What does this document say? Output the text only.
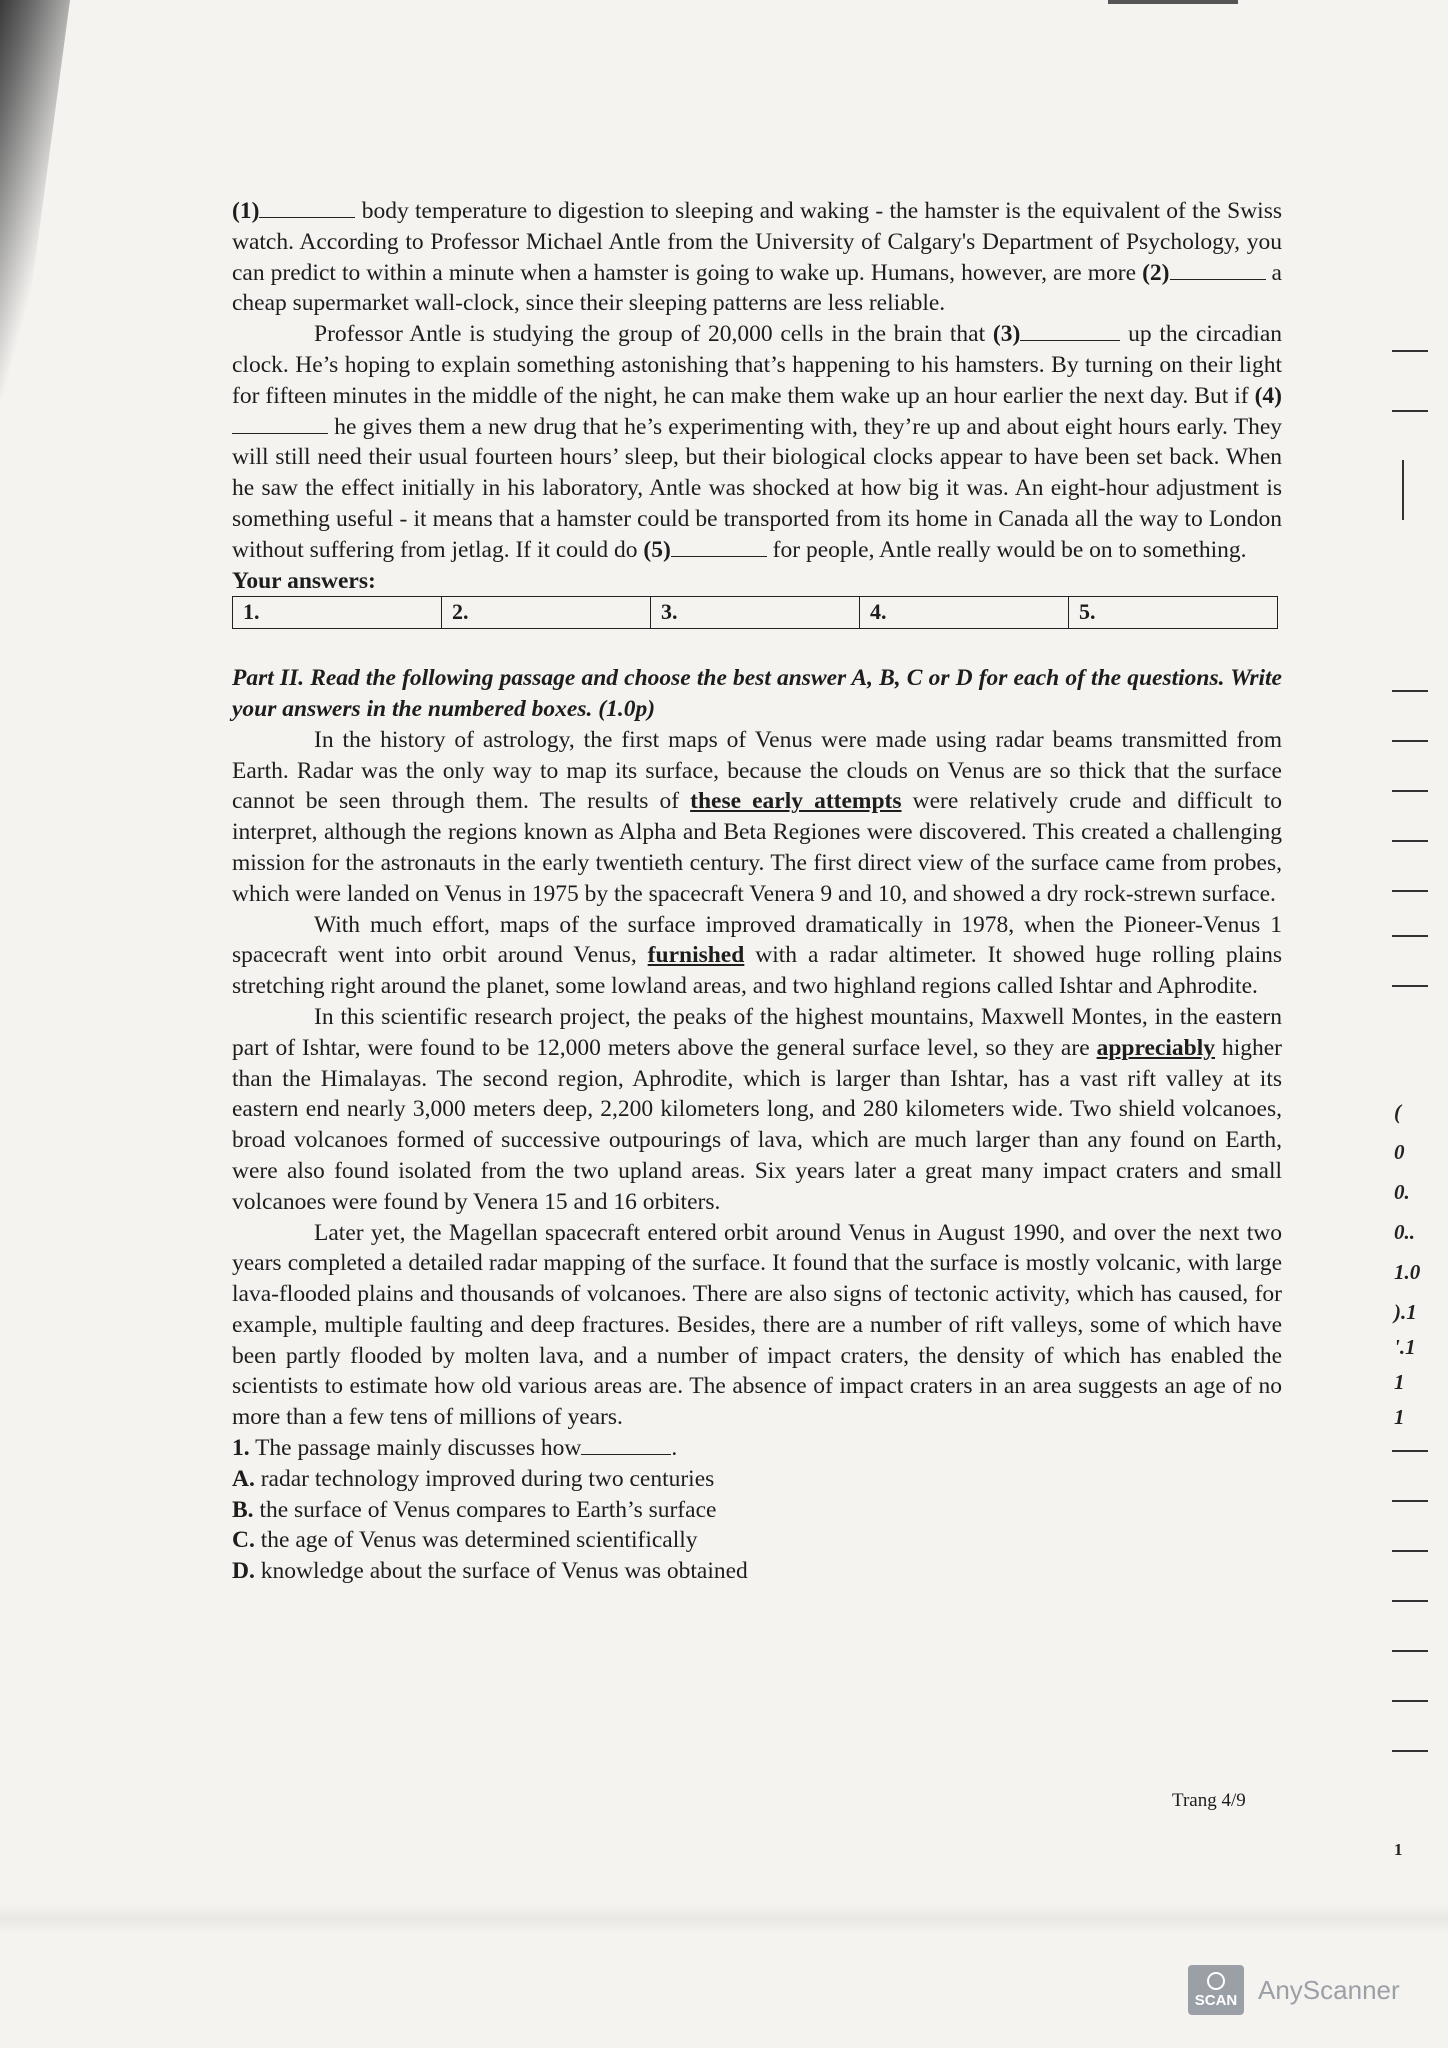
(1)	body temperature to digestion to sleeping and waking - the hamster is the equivalent of the Swiss watch. According to Professor Michael Antle from the University of Calgary's Department of Psychology, you can predict to within a minute when a hamster is going to wake up. Humans, however, are more (2)	a cheap supermarket wall-clock, since their sleeping patterns are less reliable.

Professor Antle is studying the group of 20,000 cells in the brain that (3)	up the circadian clock. He’s hoping to explain something astonishing that’s happening to his hamsters. By turning on their light for fifteen minutes in the middle of the night, he can make them wake up an hour earlier the next day. But if (4) he gives them a new drug that he’s experimenting with, they’re up and about eight hours early. They will still need their usual fourteen hours’ sleep, but their biological clocks appear to have been set back. When he saw the effect initially in his laboratory, Antle was shocked at how big it was. An eight-hour adjustment is something useful - it means that a hamster could be transported from its home in Canada all the way to London without suffering from jetlag. If it could do (5)	for people, Antle really would be on to something.

Your answers:

1.	2.	3.	4.	5.

Part II. Read the following passage and choose the best answer A, B, C or D for each of the questions. Write your answers in the numbered boxes. (1.0p)

In the history of astrology, the first maps of Venus were made using radar beams transmitted from Earth. Radar was the only way to map its surface, because the clouds on Venus are so thick that the surface cannot be seen through them. The results of these early attempts were relatively crude and difficult to interpret, although the regions known as Alpha and Beta Regiones were discovered. This created a challenging mission for the astronauts in the early twentieth century. The first direct view of the surface came from probes, which were landed on Venus in 1975 by the spacecraft Venera 9 and 10, and showed a dry rock-strewn surface.

With much effort, maps of the surface improved dramatically in 1978, when the Pioneer-Venus 1 spacecraft went into orbit around Venus, furnished with a radar altimeter. It showed huge rolling plains stretching right around the planet, some lowland areas, and two highland regions called Ishtar and Aphrodite.

In this scientific research project, the peaks of the highest mountains, Maxwell Montes, in the eastern part of Ishtar, were found to be 12,000 meters above the general surface level, so they are appreciably higher than the Himalayas. The second region, Aphrodite, which is larger than Ishtar, has a vast rift valley at its eastern end nearly 3,000 meters deep, 2,200 kilometers long, and 280 kilometers wide. Two shield volcanoes, broad volcanoes formed of successive outpourings of lava, which are much larger than any found on Earth, were also found isolated from the two upland areas. Six years later a great many impact craters and small volcanoes were found by Venera 15 and 16 orbiters.

Later yet, the Magellan spacecraft entered orbit around Venus in August 1990, and over the next two years completed a detailed radar mapping of the surface. It found that the surface is mostly volcanic, with large lava-flooded plains and thousands of volcanoes. There are also signs of tectonic activity, which has caused, for example, multiple faulting and deep fractures. Besides, there are a number of rift valleys, some of which have been partly flooded by molten lava, and a number of impact craters, the density of which has enabled the scientists to estimate how old various areas are. The absence of impact craters in an area suggests an age of no more than a few tens of millions of years.

1. The passage mainly discusses how	.

A. radar technology improved during two centuries

B. the surface of Venus compares to Earth’s surface

C. the age of Venus was determined scientifically

D. knowledge about the surface of Venus was obtained

Trang 4/9
(
0
0.
0..
1.0
).1
'.1
1
1
1
SCAN AnyScanner
